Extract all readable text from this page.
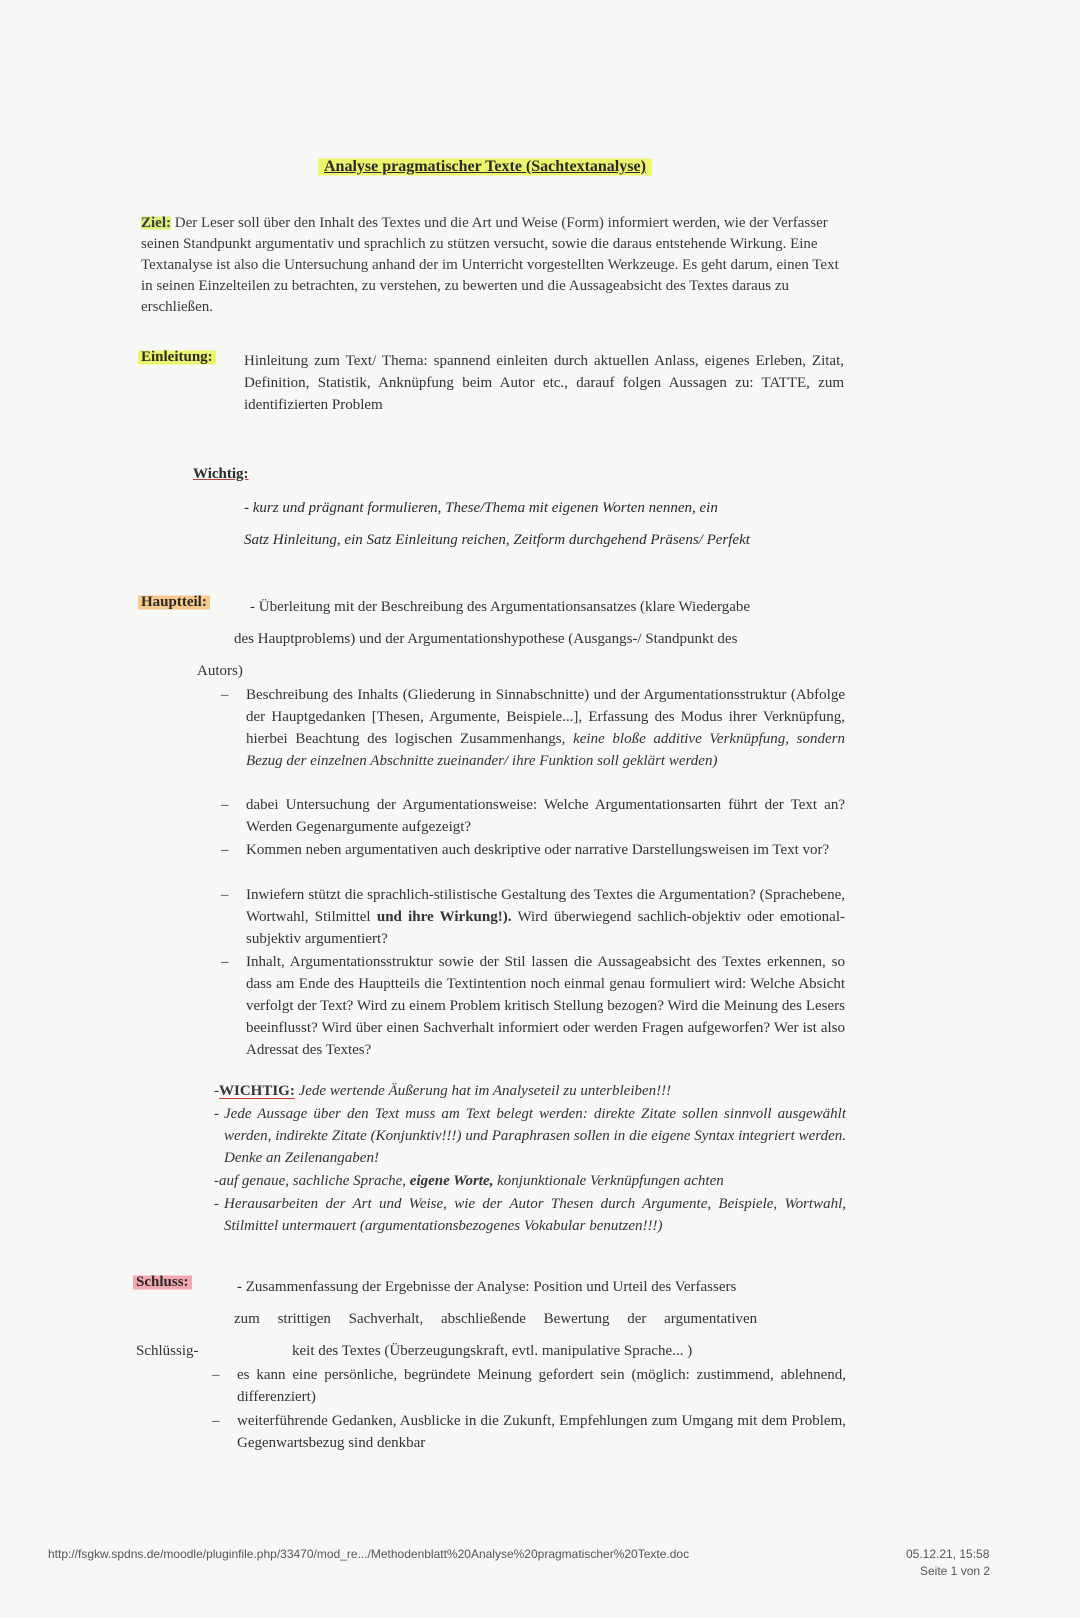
Analyse pragmatischer Texte (Sachtextanalyse)
Ziel: Der Leser soll über den Inhalt des Textes und die Art und Weise (Form) informiert werden, wie der Verfasser seinen Standpunkt argumentativ und sprachlich zu stützen versucht, sowie die daraus entstehende Wirkung. Eine Textanalyse ist also die Untersuchung anhand der im Unterricht vorgestellten Werkzeuge. Es geht darum, einen Text in seinen Einzelteilen zu betrachten, zu verstehen, zu bewerten und die Aussageabsicht des Textes daraus zu erschließen.
Einleitung: Hinleitung zum Text/ Thema: spannend einleiten durch aktuellen Anlass, eigenes Erleben, Zitat, Definition, Statistik, Anknüpfung beim Autor etc., darauf folgen Aussagen zu: TATTE, zum identifizierten Problem
Wichtig:
- kurz und prägnant formulieren, These/Thema mit eigenen Worten nennen, ein
Satz Hinleitung, ein Satz Einleitung reichen, Zeitform durchgehend Präsens/ Perfekt
Hauptteil:	- Überleitung mit der Beschreibung des Argumentationsansatzes (klare Wiedergabe
des Hauptproblems) und der Argumentationshypothese (Ausgangs-/ Standpunkt des
Autors)
– Beschreibung des Inhalts (Gliederung in Sinnabschnitte) und der Argumentationsstruktur (Abfolge der Hauptgedanken [Thesen, Argumente, Beispiele...], Erfassung des Modus ihrer Verknüpfung, hierbei Beachtung des logischen Zusammenhangs, keine bloße additive Verknüpfung, sondern Bezug der einzelnen Abschnitte zueinander/ ihre Funktion soll geklärt werden)
– dabei Untersuchung der Argumentationsweise: Welche Argumentationsarten führt der Text an? Werden Gegenargumente aufgezeigt?
– Kommen neben argumentativen auch deskriptive oder narrative Darstellungsweisen im Text vor?
– Inwiefern stützt die sprachlich-stilistische Gestaltung des Textes die Argumentation? (Sprachebene, Wortwahl, Stilmittel und ihre Wirkung!). Wird überwiegend sachlich-objektiv oder emotional-subjektiv argumentiert?
– Inhalt, Argumentationsstruktur sowie der Stil lassen die Aussageabsicht des Textes erkennen, so dass am Ende des Hauptteils die Textintention noch einmal genau formuliert wird: Welche Absicht verfolgt der Text? Wird zu einem Problem kritisch Stellung bezogen? Wird die Meinung des Lesers beeinflusst? Wird über einen Sachverhalt informiert oder werden Fragen aufgeworfen? Wer ist also Adressat des Textes?
-WICHTIG: Jede wertende Äußerung hat im Analyseteil zu unterbleiben!!!
- Jede Aussage über den Text muss am Text belegt werden: direkte Zitate sollen sinnvoll ausgewählt werden, indirekte Zitate (Konjunktiv!!!) und Paraphrasen sollen in die eigene Syntax integriert werden. Denke an Zeilenangaben!
-auf genaue, sachliche Sprache, eigene Worte, konjunktionale Verknüpfungen achten
- Herausarbeiten der Art und Weise, wie der Autor Thesen durch Argumente, Beispiele, Wortwahl, Stilmittel untermauert (argumentationsbezogenes Vokabular benutzen!!!)
Schluss:	- Zusammenfassung der Ergebnisse der Analyse: Position und Urteil des Verfassers
zum strittigen Sachverhalt, abschließende Bewertung der argumentativen
Schlüssig-	keit des Textes (Überzeugungskraft, evtl. manipulative Sprache... )
– es kann eine persönliche, begründete Meinung gefordert sein (möglich: zustimmend, ablehnend, differenziert)
– weiterführende Gedanken, Ausblicke in die Zukunft, Empfehlungen zum Umgang mit dem Problem, Gegenwartsbezug sind denkbar
http://fsgkw.spdns.de/moodle/pluginfile.php/33470/mod_re.../Methodenblatt%20Analyse%20pragmatischer%20Texte.doc	05.12.21, 15:58
Seite 1 von 2
